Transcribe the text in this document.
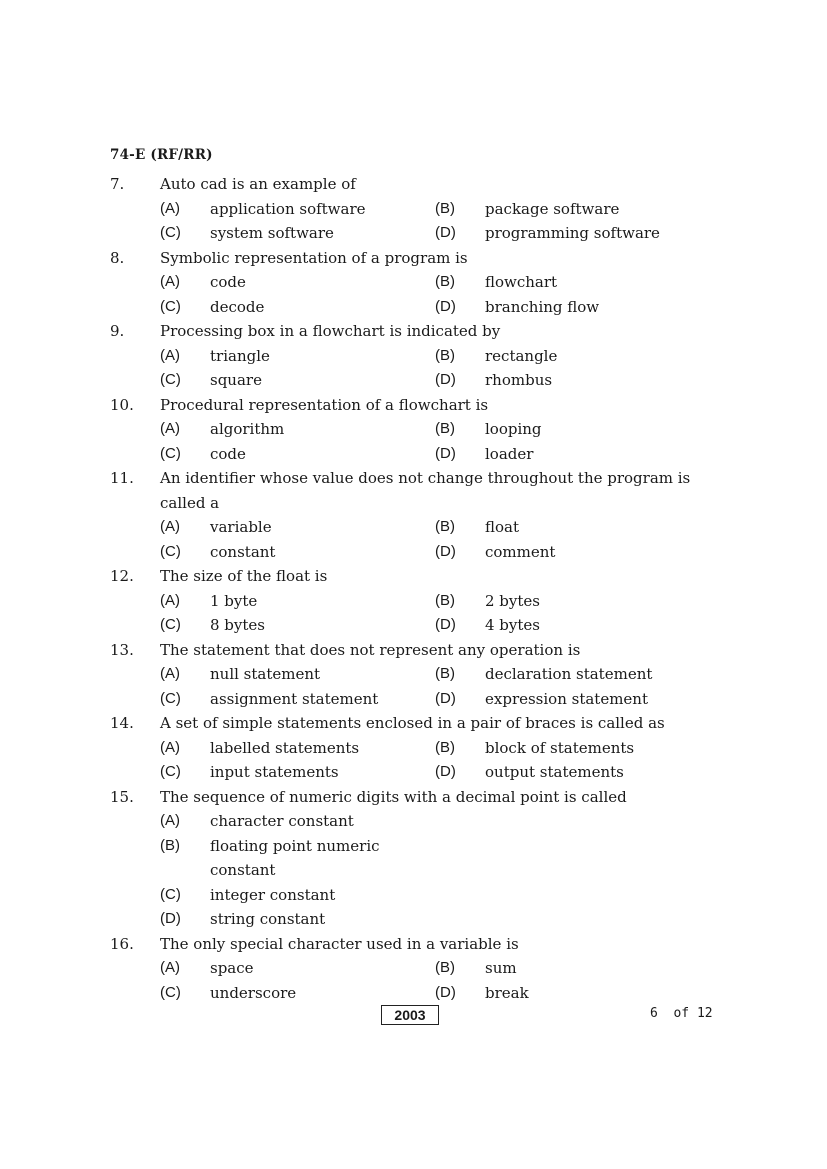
74-E (RF/RR)
7.	Auto cad is an example of
(A)	application software	(B)	package software
(C)	system software	(D)	programming software
8.	Symbolic representation of a program is
(A)	code	(B)	flowchart
(C)	decode	(D)	branching flow
9.	Processing box in a flowchart is indicated by
(A)	triangle	(B)	rectangle
(C)	square	(D)	rhombus
10.	Procedural representation of a flowchart is
(A)	algorithm	(B)	looping
(C)	code	(D)	loader
11.	An identifier whose value does not change throughout the program is called a
(A)	variable	(B)	float
(C)	constant	(D)	comment
12.	The size of the float is
(A)	1 byte	(B)	2 bytes
(C)	8 bytes	(D)	4 bytes
13.	The statement that does not represent any operation is
(A)	null statement	(B)	declaration statement
(C)	assignment statement	(D)	expression statement
14.	A set of simple statements enclosed in a pair of braces is called as
(A)	labelled statements	(B)	block of statements
(C)	input statements	(D)	output statements
15.	The sequence of numeric digits with a decimal point is called
(A)	character constant
(B)	floating point numeric constant
(C)	integer constant
(D)	string constant
16.	The only special character used in a variable is
(A)	space	(B)	sum
(C)	underscore	(D)	break
2003	6  of 12
